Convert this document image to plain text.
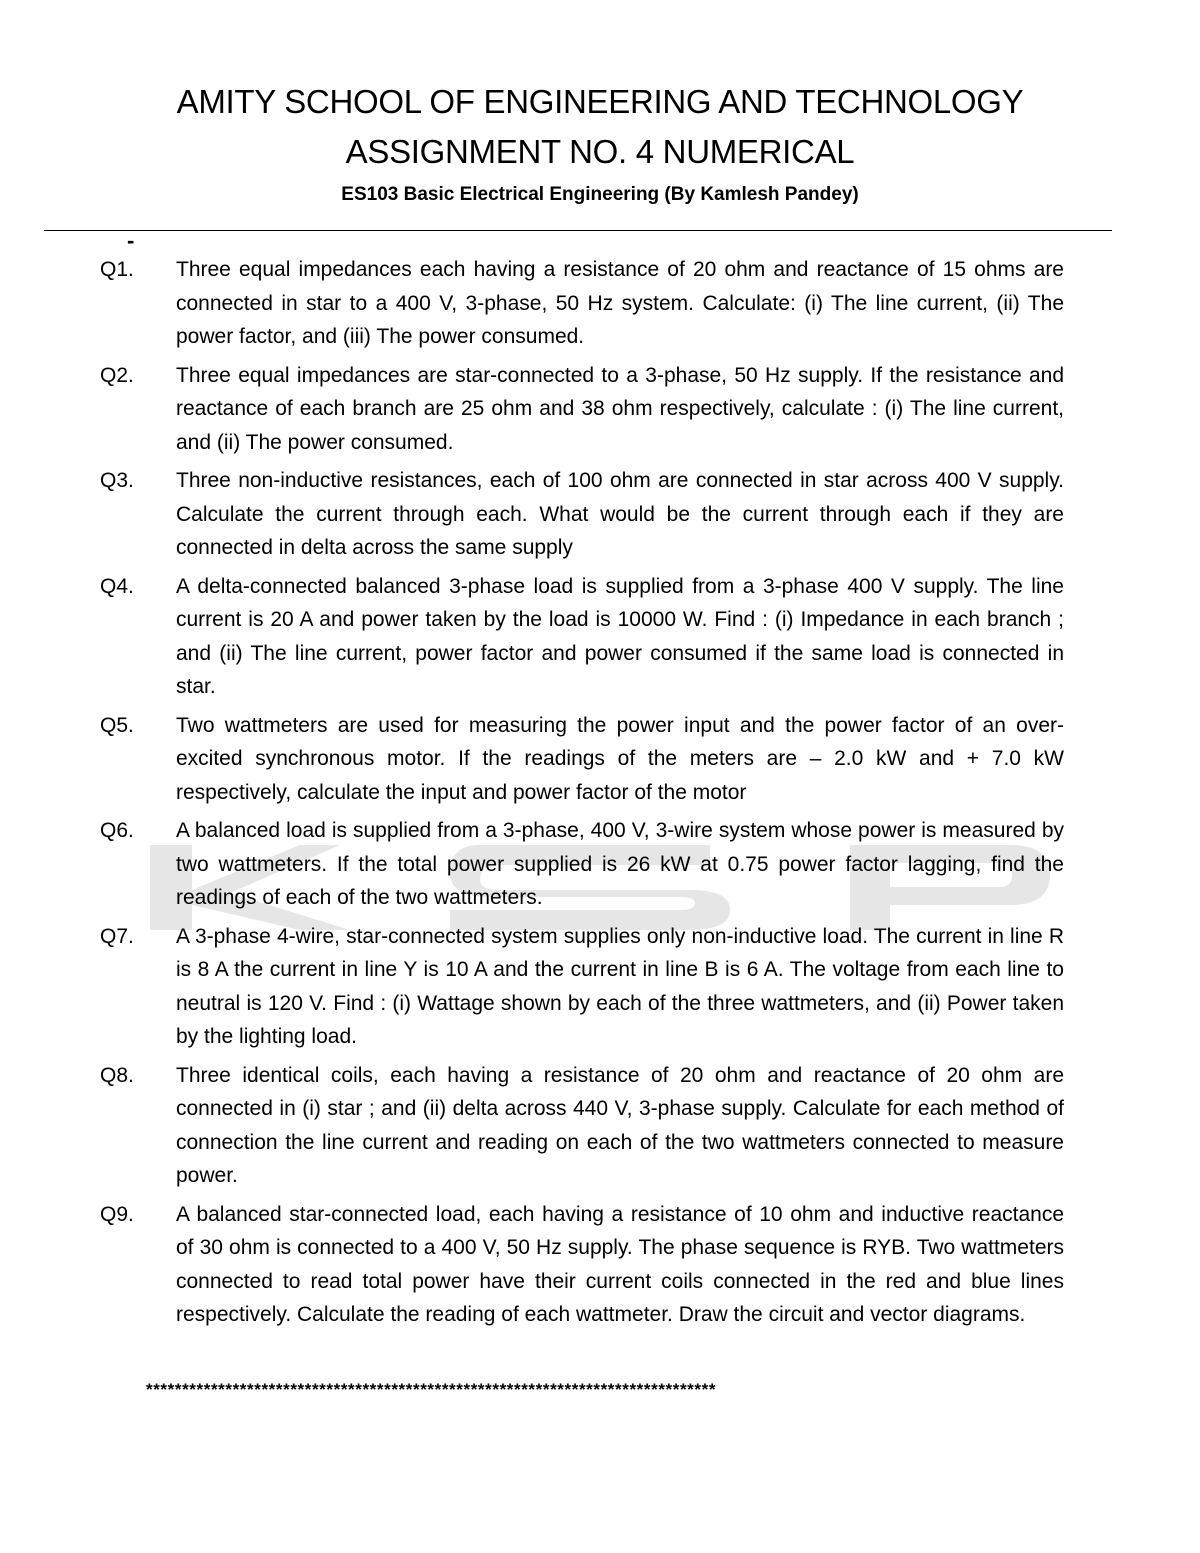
AMITY SCHOOL OF ENGINEERING AND TECHNOLOGY
ASSIGNMENT NO. 4 NUMERICAL
ES103 Basic Electrical Engineering (By Kamlesh Pandey)
-
Q1.	Three equal impedances each having a resistance of 20 ohm and reactance of 15 ohms are connected in star to a 400 V, 3-phase, 50 Hz system. Calculate: (i) The line current, (ii) The power factor, and (iii) The power consumed.
Q2.	Three equal impedances are star-connected to a 3-phase, 50 Hz supply. If the resistance and reactance of each branch are 25 ohm and 38 ohm respectively, calculate : (i) The line current, and (ii) The power consumed.
Q3.	Three non-inductive resistances, each of 100 ohm are connected in star across 400 V supply. Calculate the current through each. What would be the current through each if they are connected in delta across the same supply
Q4.	A delta-connected balanced 3-phase load is supplied from a 3-phase 400 V supply. The line current is 20 A and power taken by the load is 10000 W. Find : (i) Impedance in each branch ; and (ii) The line current, power factor and power consumed if the same load is connected in star.
Q5.	Two wattmeters are used for measuring the power input and the power factor of an over-excited synchronous motor. If the readings of the meters are – 2.0 kW and + 7.0 kW respectively, calculate the input and power factor of the motor
Q6.	A balanced load is supplied from a 3-phase, 400 V, 3-wire system whose power is measured by two wattmeters. If the total power supplied is 26 kW at 0.75 power factor lagging, find the readings of each of the two wattmeters.
Q7.	A 3-phase 4-wire, star-connected system supplies only non-inductive load. The current in line R is 8 A the current in line Y is 10 A and the current in line B is 6 A. The voltage from each line to neutral is 120 V. Find : (i) Wattage shown by each of the three wattmeters, and (ii) Power taken by the lighting load.
Q8.	Three identical coils, each having a resistance of 20 ohm and reactance of 20 ohm are connected in (i) star ; and (ii) delta across 440 V, 3-phase supply. Calculate for each method of connection the line current and reading on each of the two wattmeters connected to measure power.
Q9.	A balanced star-connected load, each having a resistance of 10 ohm and inductive reactance of 30 ohm is connected to a 400 V, 50 Hz supply. The phase sequence is RYB. Two wattmeters connected to read total power have their current coils connected in the red and blue lines respectively. Calculate the reading of each wattmeter. Draw the circuit and vector diagrams.
*******************************************************************************
